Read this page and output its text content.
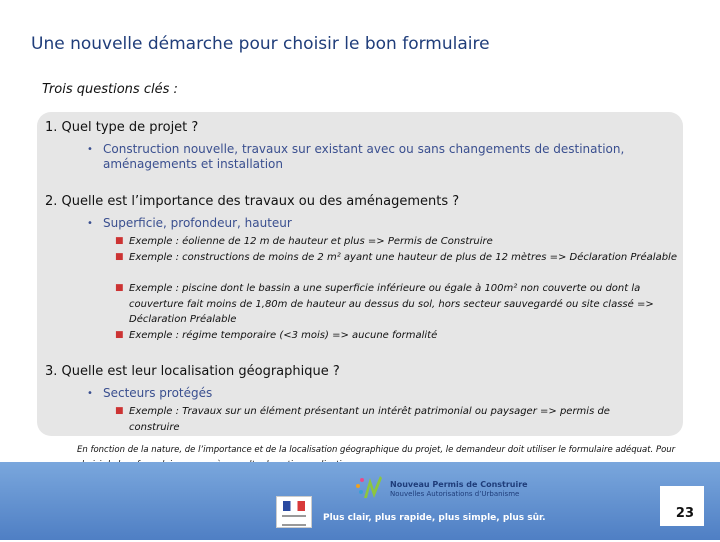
Une nouvelle démarche pour choisir le bon formulaire
Trois questions clés :
1. Quel type de projet ?
• Construction nouvelle, travaux sur existant avec ou sans changements de destination, aménagements et installation
2. Quelle est l’importance des travaux ou des aménagements ?
• Superficie, profondeur, hauteur
■ Exemple : éolienne de 12 m de hauteur et plus => Permis de Construire
■ Exemple : constructions de moins de 2 m² ayant une hauteur de plus de 12 mètres => Déclaration Préalable
■ Exemple : piscine dont le bassin a une superficie inférieure ou égale à 100m² non couverte ou dont la couverture fait moins de 1,80m de hauteur au dessus du sol, hors secteur sauvegardé ou site classé => Déclaration Préalable
■ Exemple : régime temporaire (<3 mois) => aucune formalité
3. Quelle est leur localisation géographique ?
• Secteurs protégés
■ Exemple : Travaux sur un élément présentant un intérêt patrimonial ou paysager => permis de construire
En fonction de la nature, de l’importance et de la localisation géographique du projet, le demandeur doit utiliser le formulaire adéquat. Pour
Nouveau Permis de Construire
Nouvelles Autorisations d’Urbanisme
Plus clair, plus rapide, plus simple, plus sûr.	23
